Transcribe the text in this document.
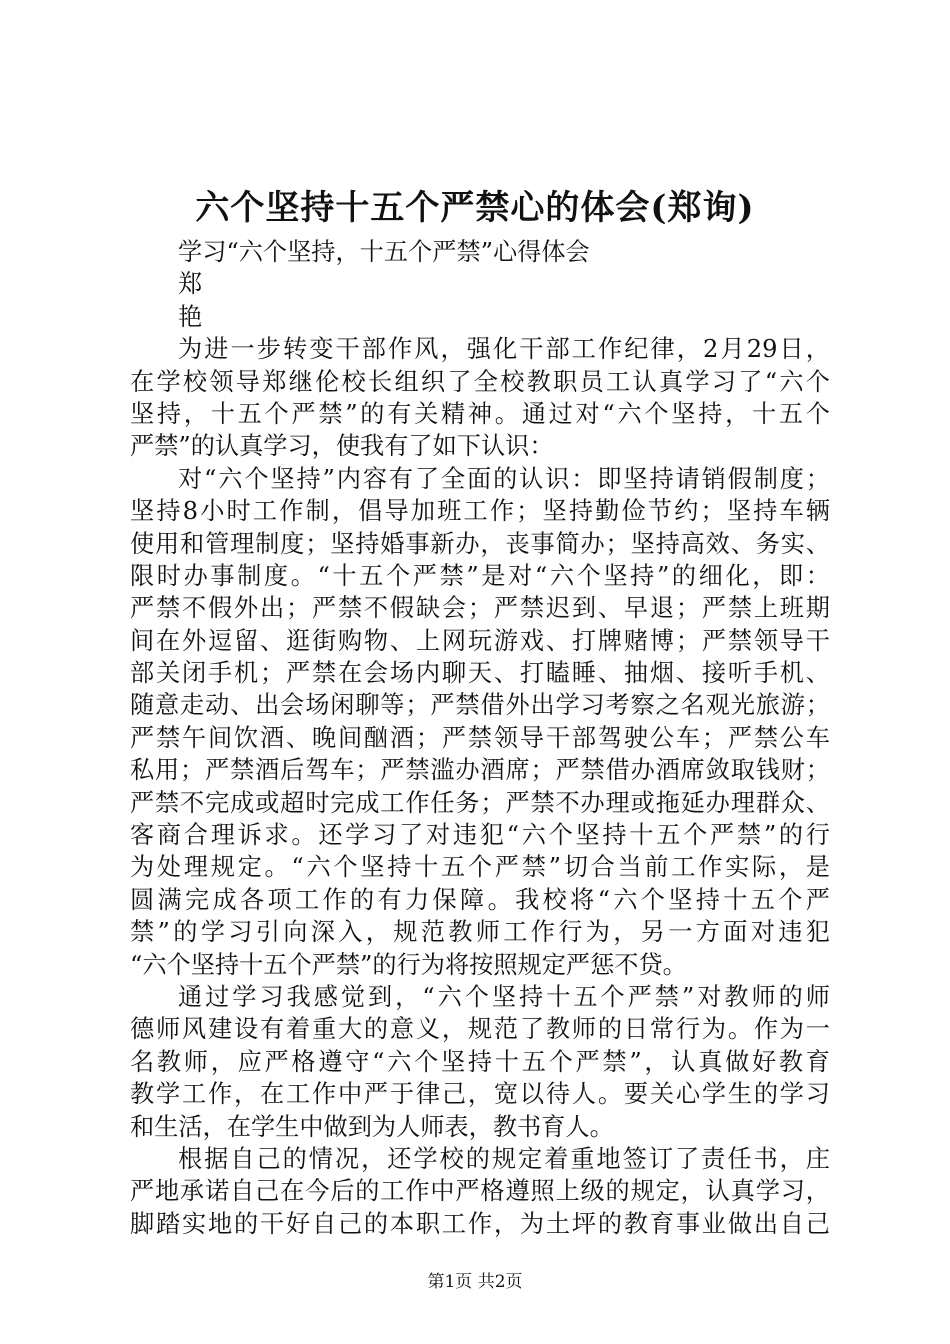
六个坚持十五个严禁心的体会(郑询)
学习“六个坚持，十五个严禁”心得体会
郑
艳
为进一步转变干部作风，强化干部工作纪律，2月29日，
在学校领导郑继伦校长组织了全校教职员工认真学习了“六个
坚持，十五个严禁”的有关精神。通过对“六个坚持，十五个
严禁”的认真学习，使我有了如下认识：
对“六个坚持”内容有了全面的认识：即坚持请销假制度；
坚持8小时工作制，倡导加班工作；坚持勤俭节约；坚持车辆
使用和管理制度；坚持婚事新办，丧事简办；坚持高效、务实、
限时办事制度。“十五个严禁”是对“六个坚持”的细化，即：
严禁不假外出；严禁不假缺会；严禁迟到、早退；严禁上班期
间在外逗留、逛街购物、上网玩游戏、打牌赌博；严禁领导干
部关闭手机；严禁在会场内聊天、打瞌睡、抽烟、接听手机、
随意走动、出会场闲聊等；严禁借外出学习考察之名观光旅游；
严禁午间饮酒、晚间酗酒；严禁领导干部驾驶公车；严禁公车
私用；严禁酒后驾车；严禁滥办酒席；严禁借办酒席敛取钱财；
严禁不完成或超时完成工作任务；严禁不办理或拖延办理群众、
客商合理诉求。还学习了对违犯“六个坚持十五个严禁”的行
为处理规定。“六个坚持十五个严禁”切合当前工作实际，是
圆满完成各项工作的有力保障。我校将“六个坚持十五个严
禁”的学习引向深入，规范教师工作行为，另一方面对违犯
“六个坚持十五个严禁”的行为将按照规定严惩不贷。
通过学习我感觉到，“六个坚持十五个严禁”对教师的师
德师风建设有着重大的意义，规范了教师的日常行为。作为一
名教师，应严格遵守“六个坚持十五个严禁”，认真做好教育
教学工作，在工作中严于律己，宽以待人。要关心学生的学习
和生活，在学生中做到为人师表，教书育人。
根据自己的情况，还学校的规定着重地签订了责任书，庄
严地承诺自己在今后的工作中严格遵照上级的规定，认真学习，
脚踏实地的干好自己的本职工作，为土坪的教育事业做出自己
第1页 共2页
